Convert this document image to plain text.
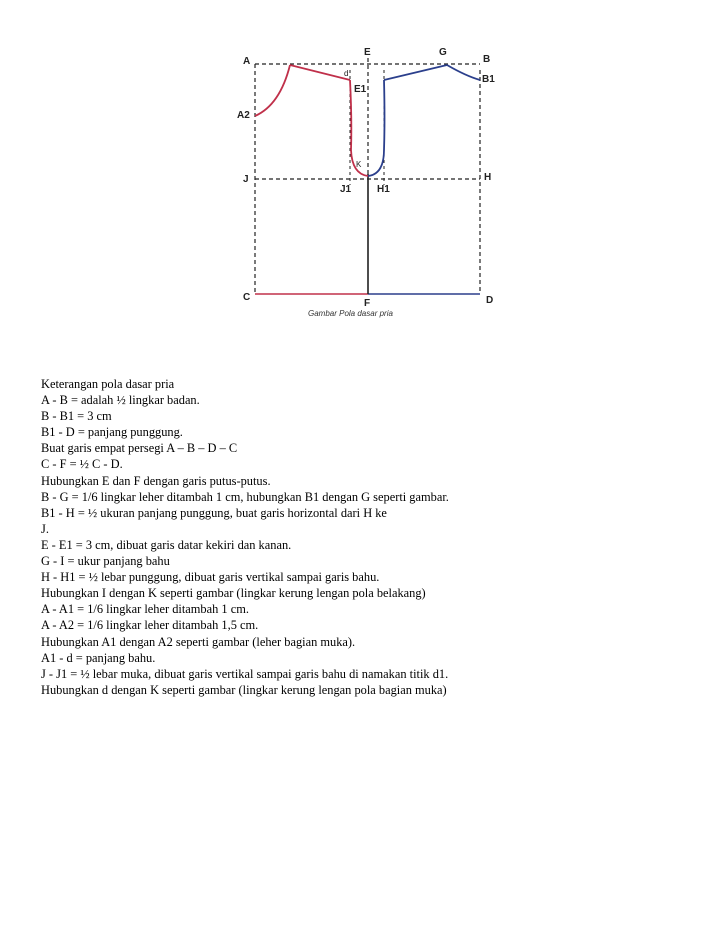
A
E	G
B
B1
d
E1
A2
K
J
J1	H1
H
C
F	D
Gambar Pola dasar pria
Keterangan pola dasar pria
A - B = adalah ½ lingkar badan.
B - B1 = 3 cm
B1 - D = panjang punggung.
Buat garis empat persegi A – B – D – C
C - F = ½ C - D.
Hubungkan E dan F dengan garis putus-putus.
B - G = 1/6 lingkar leher ditambah 1 cm, hubungkan B1 dengan G seperti gambar.
B1 - H = ½ ukuran panjang punggung, buat garis horizontal dari H ke
J.
E - E1 = 3 cm, dibuat garis datar kekiri dan kanan.
G - I = ukur panjang bahu
H - H1 = ½ lebar punggung, dibuat garis vertikal sampai garis bahu.
Hubungkan I dengan K seperti gambar (lingkar kerung lengan pola belakang)
A - A1 = 1/6 lingkar leher ditambah 1 cm.
A - A2 = 1/6 lingkar leher ditambah 1,5 cm.
Hubungkan A1 dengan A2 seperti gambar (leher bagian muka).
A1 - d = panjang bahu.
J - J1 = ½ lebar muka, dibuat garis vertikal sampai garis bahu di namakan titik d1.
Hubungkan d dengan K seperti gambar (lingkar kerung lengan pola bagian muka)
